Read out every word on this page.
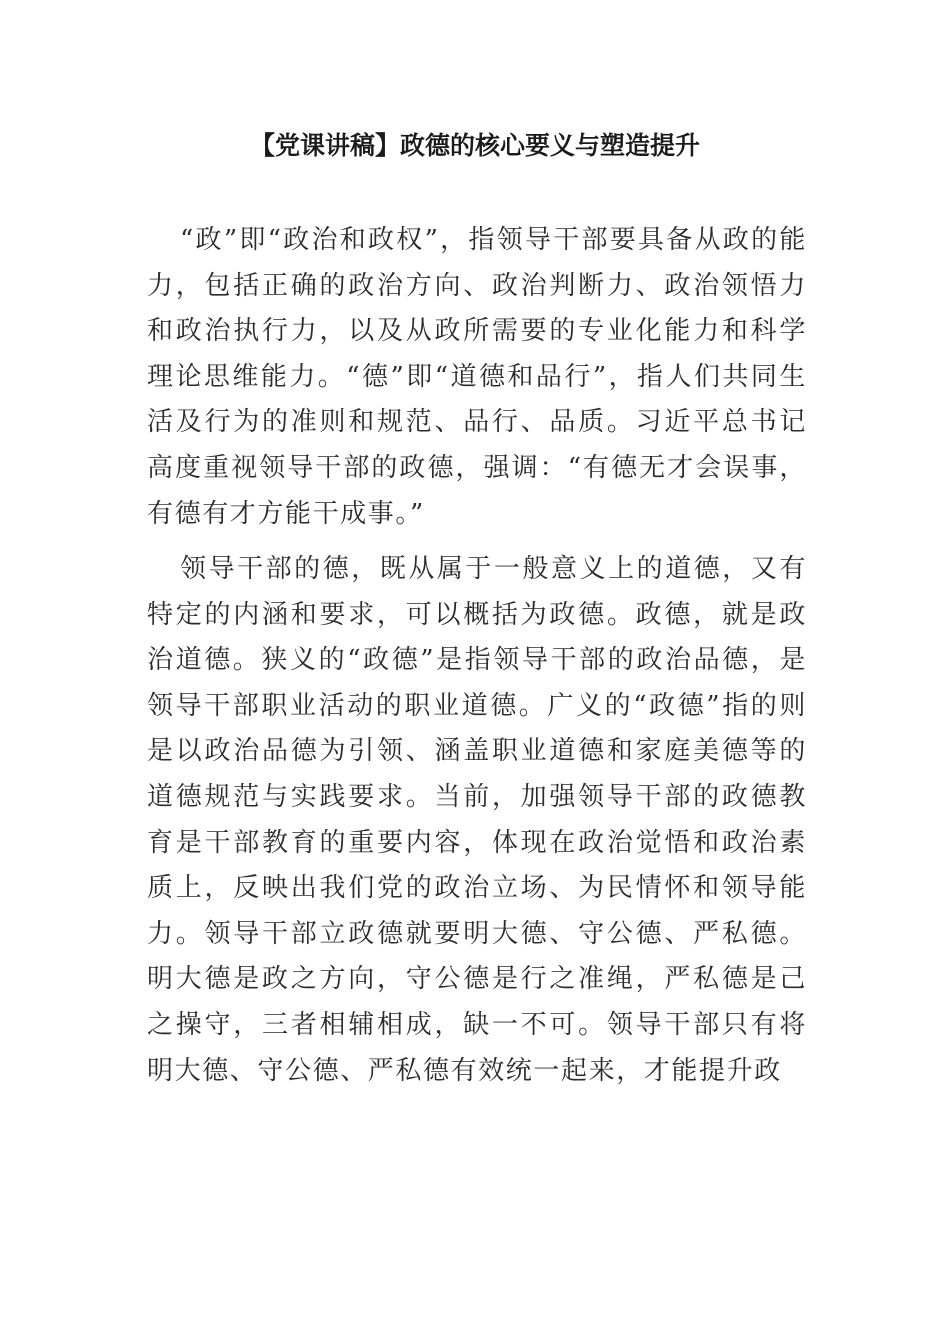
【党课讲稿】政德的核心要义与塑造提升

“政”即“政治和政权”，指领导干部要具备从政的能力，包括正确的政治方向、政治判断力、政治领悟力和政治执行力，以及从政所需要的专业化能力和科学理论思维能力。“德”即“道德和品行”，指人们共同生活及行为的准则和规范、品行、品质。习近平总书记高度重视领导干部的政德，强调：“有德无才会误事，有德有才方能干成事。”

领导干部的德，既从属于一般意义上的道德，又有特定的内涵和要求，可以概括为政德。政德，就是政治道德。狭义的“政德”是指领导干部的政治品德，是领导干部职业活动的职业道德。广义的“政德”指的则是以政治品德为引领、涵盖职业道德和家庭美德等的道德规范与实践要求。当前，加强领导干部的政德教育是干部教育的重要内容，体现在政治觉悟和政治素质上，反映出我们党的政治立场、为民情怀和领导能力。领导干部立政德就要明大德、守公德、严私德。明大德是政之方向，守公德是行之准绳，严私德是己之操守，三者相辅相成，缺一不可。领导干部只有将明大德、守公德、严私德有效统一起来，才能提升政
